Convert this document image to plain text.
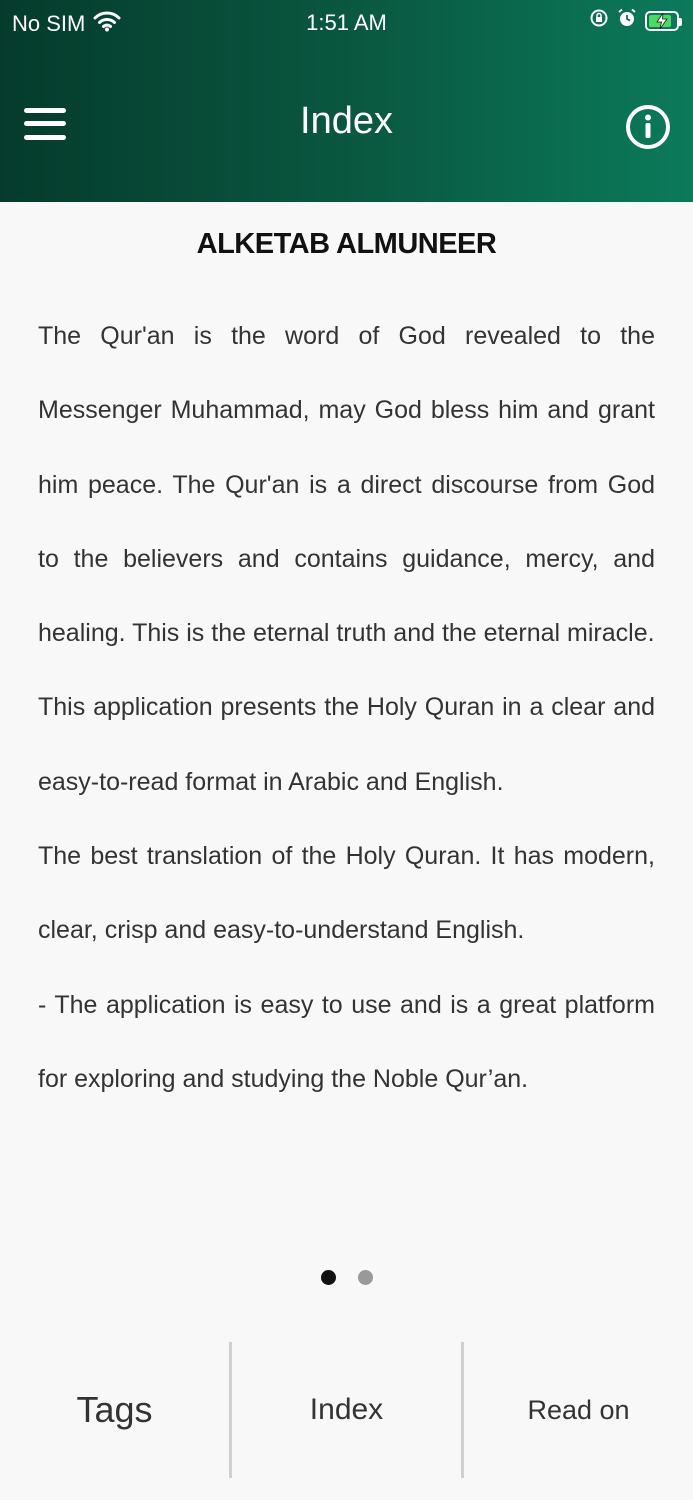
No SIM	1:51 AM
Index
ALKETAB ALMUNEER

The Qur'an is the word of God revealed to the Messenger Muhammad, may God bless him and grant him peace. The Qur'an is a direct discourse from God to the believers and contains guidance, mercy, and healing. This is the eternal truth and the eternal miracle.

This application presents the Holy Quran in a clear and easy-to-read format in Arabic and English.

The best translation of the Holy Quran. It has modern, clear, crisp and easy-to-understand English.

- The application is easy to use and is a great platform for exploring and studying the Noble Qur’an.

Tags	Index	Read on
